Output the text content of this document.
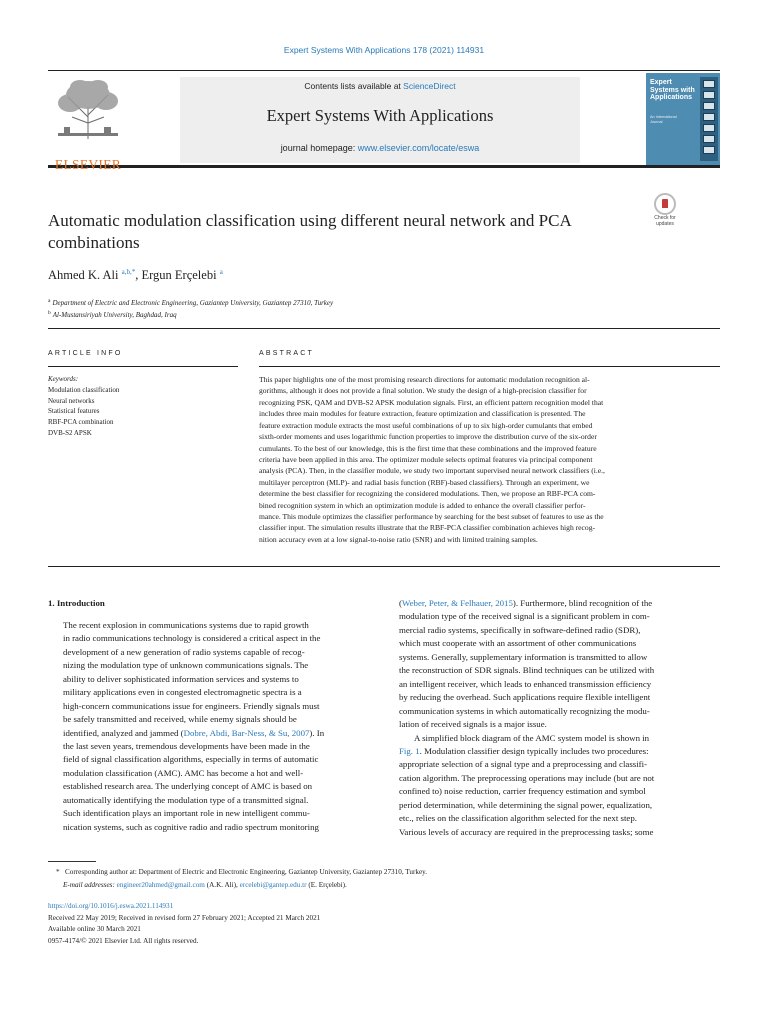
Expert Systems With Applications 178 (2021) 114931
ELSEVIER
Contents lists available at ScienceDirect
Expert Systems With Applications
journal homepage: www.elsevier.com/locate/eswa
Expert Systems with Applications
An International Journal
Automatic modulation classification using different neural network and PCA combinations
Check for
updates
Ahmed K. Ali $^{a,b,*}$, Ergun Erçelebi $^a$
$^a$ Department of Electric and Electronic Engineering, Gaziantep University, Gaziantep 27310, Turkey
$^b$ Al-Mustansiriyah University, Baghdad, Iraq
ARTICLE INFO	ABSTRACT
Keywords:
Modulation classification
Neural networks
Statistical features
RBF-PCA combination
DVB-S2 APSK
This paper highlights one of the most promising research directions for automatic modulation recognition al-
gorithms, although it does not provide a final solution. We study the design of a high-precision classifier for
recognizing PSK, QAM and DVB-S2 APSK modulation signals. First, an efficient pattern recognition model that
includes three main modules for feature extraction, feature optimization and classification is presented. The
feature extraction module extracts the most useful combinations of up to six high-order cumulants that embed
sixth-order moments and uses logarithmic function properties to improve the distribution curve of the six-order
cumulants. To the best of our knowledge, this is the first time that these combinations and the improved feature
criteria have been applied in this area. The optimizer module selects optimal features via principal component
analysis (PCA). Then, in the classifier module, we study two important supervised neural network classifiers (i.e.,
multilayer perceptron (MLP)- and radial basis function (RBF)-based classifiers). Through an experiment, we
determine the best classifier for recognizing the considered modulations. Then, we propose an RBF-PCA com-
bined recognition system in which an optimization module is added to enhance the overall classifier perfor-
mance. This module optimizes the classifier performance by searching for the best subset of features to use as the
classifier input. The simulation results illustrate that the RBF-PCA classifier combination achieves high recog-
nition accuracy even at a low signal-to-noise ratio (SNR) and with limited training samples.
1. Introduction
The recent explosion in communications systems due to rapid growth
in radio communications technology is considered a critical aspect in the
development of a new generation of radio systems capable of recog-
nizing the modulation type of unknown communications signals. The
ability to deliver sophisticated information services and systems to
military applications even in congested electromagnetic spectra is a
high-concern communications issue for engineers. Friendly signals must
be safely transmitted and received, while enemy signals should be
identified, analyzed and jammed (Dobre, Abdi, Bar-Ness, & Su, 2007). In
the last seven years, tremendous developments have been made in the
field of signal classification algorithms, especially in terms of automatic
modulation classification (AMC). AMC has become a hot and well-
established research area. The underlying concept of AMC is based on
automatically identifying the modulation type of a transmitted signal.
Such identification plays an important role in new intelligent commu-
nication systems, such as cognitive radio and radio spectrum monitoring
(Weber, Peter, & Felhauer, 2015). Furthermore, blind recognition of the
modulation type of the received signal is a significant problem in com-
mercial radio systems, specifically in software-defined radio (SDR),
which must cooperate with an assortment of other communications
systems. Generally, supplementary information is transmitted to allow
the reconstruction of SDR signals. Blind techniques can be utilized with
an intelligent receiver, which leads to enhanced transmission efficiency
by reducing the overhead. Such applications require flexible intelligent
communication systems in which automatically recognizing the modu-
lation of received signals is a major issue.
A simplified block diagram of the AMC system model is shown in
Fig. 1. Modulation classifier design typically includes two procedures:
appropriate selection of a signal type and a preprocessing and classifi-
cation algorithm. The preprocessing operations may include (but are not
confined to) noise reduction, carrier frequency estimation and symbol
period determination, while determining the signal power, equalization,
etc., relies on the classification algorithm selected for the next step.
Various levels of accuracy are required in the preprocessing tasks; some
* Corresponding author at: Department of Electric and Electronic Engineering, Gaziantep University, Gaziantep 27310, Turkey.
E-mail addresses: engineer20ahmed@gmail.com (A.K. Ali), ercelebi@gantep.edu.tr (E. Erçelebi).
https://doi.org/10.1016/j.eswa.2021.114931
Received 22 May 2019; Received in revised form 27 February 2021; Accepted 21 March 2021
Available online 30 March 2021
0957-4174/© 2021 Elsevier Ltd. All rights reserved.
